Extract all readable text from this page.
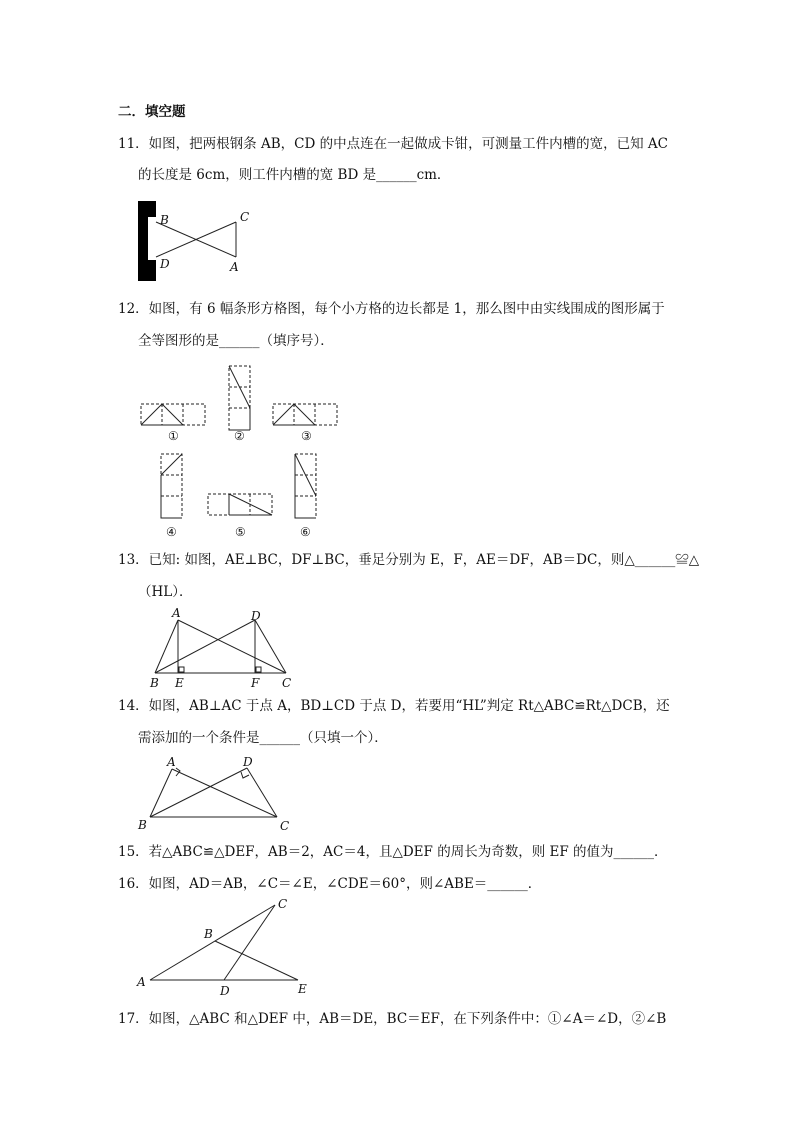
二．填空题
11．如图，把两根钢条 AB，CD 的中点连在一起做成卡钳，可测量工件内槽的宽，已知 AC
的长度是 6cm，则工件内槽的宽 BD 是______cm．
B	C
D	A
12．如图，有 6 幅条形方格图，每个小方格的边长都是 1，那么图中由实线围成的图形属于
全等图形的是______（填序号）．
①	②	③
④	⑤	⑥
13．已知: 如图，AE⊥BC，DF⊥BC，垂足分别为 E，F，AE＝DF，AB＝DC，则△______≌△
（HL）．
A	D
B E	F C
14．如图，AB⊥AC 于点 A，BD⊥CD 于点 D，若要用“HL”判定 Rt△ABC≌Rt△DCB，还
需添加的一个条件是______（只填一个）．
A	D
B	C
15．若△ABC≌△DEF，AB＝2，AC＝4，且△DEF 的周长为奇数，则 EF 的值为______．
16．如图，AD＝AB，∠C＝∠E，∠CDE＝60°，则∠ABE＝______．
C
B
A
D	E
17．如图，△ABC 和△DEF 中，AB＝DE，BC＝EF，在下列条件中：①∠A＝∠D，②∠B
